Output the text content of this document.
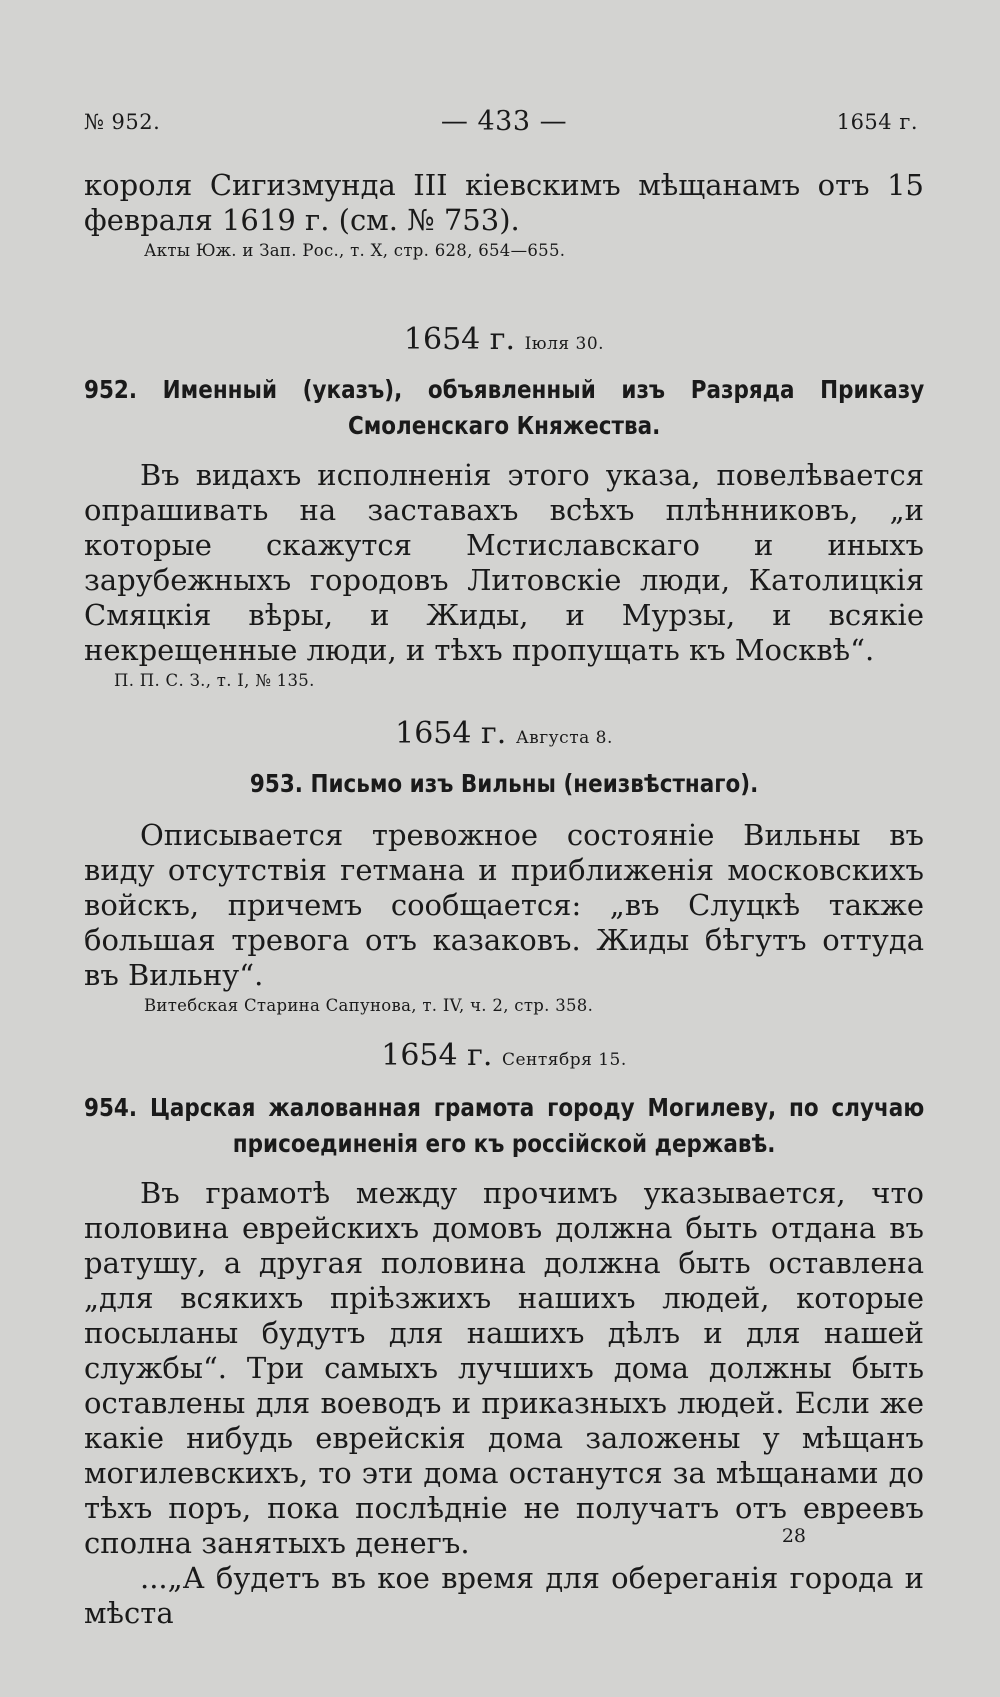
№ 952.	— 433 —	1654 г.

короля Сигизмунда III кіевскимъ мѣщанамъ отъ 15 февраля 1619 г. (см. № 753).

Акты Юж. и Зап. Рос., т. X, стр. 628, 654—655.

1654 г. Іюля 30.

952. Именный (указъ), объявленный изъ Разряда Приказу Смоленскаго Княжества.

Въ видахъ исполненія этого указа, повелѣвается опрашивать на заставахъ всѣхъ плѣнниковъ, „и которые скажутся Мстиславскаго и иныхъ зарубежныхъ городовъ Литовскіе люди, Католицкія Смяцкія вѣры, и Жиды, и Мурзы, и всякіе некрещенные люди, и тѣхъ пропущать къ Москвѣ“.

П. П. С. З., т. I, № 135.

1654 г. Августа 8.

953. Письмо изъ Вильны (неизвѣстнаго).

Описывается тревожное состояніе Вильны въ виду отсутствія гетмана и приближенія московскихъ войскъ, причемъ сообщается: „въ Слуцкѣ также большая тревога отъ казаковъ. Жиды бѣгутъ оттуда въ Вильну“.

Витебская Старина Сапунова, т. IV, ч. 2, стр. 358.

1654 г. Сентября 15.

954. Царская жалованная грамота городу Могилеву, по случаю присоединенія его къ россійской державѣ.

Въ грамотѣ между прочимъ указывается, что половина еврейскихъ домовъ должна быть отдана въ ратушу, а другая половина должна быть оставлена „для всякихъ пріѣзжихъ нашихъ людей, которые посыланы будутъ для нашихъ дѣлъ и для нашей службы“. Три самыхъ лучшихъ дома должны быть оставлены для воеводъ и приказныхъ людей. Если же какіе нибудь еврейскія дома заложены у мѣщанъ могилевскихъ, то эти дома останутся за мѣщанами до тѣхъ поръ, пока послѣдніе не получатъ отъ евреевъ сполна занятыхъ денегъ.

...„А будетъ въ кое время для обереганія города и мѣста

28
